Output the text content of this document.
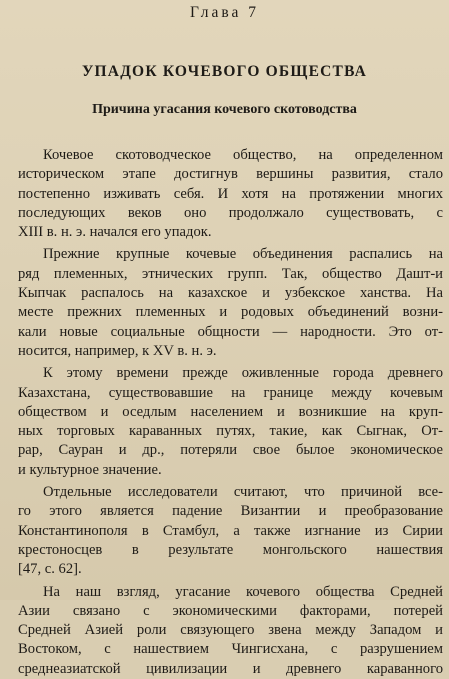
Глава 7
УПАДОК КОЧЕВОГО ОБЩЕСТВА
Причина угасания кочевого скотоводства
Кочевое скотоводческое общество, на определенном
историческом этапе достигнув вершины развития, стало
постепенно изживать себя. И хотя на протяжении многих
последующих веков оно продолжало существовать, с
XIII в. н. э. начался его упадок.
Прежние крупные кочевые объединения распались на
ряд племенных, этнических групп. Так, общество Дашт-и
Кыпчак распалось на казахское и узбекское ханства. На
месте прежних племенных и родовых объединений возни-
кали новые социальные общности — народности. Это от-
носится, например, к XV в. н. э.
К этому времени прежде оживленные города древнего
Казахстана, существовавшие на границе между кочевым
обществом и оседлым населением и возникшие на круп-
ных торговых караванных путях, такие, как Сыгнак, От-
рар, Сауран и др., потеряли свое былое экономическое
и культурное значение.
Отдельные исследователи считают, что причиной все-
го этого является падение Византии и преобразование
Константинополя в Стамбул, а также изгнание из Сирии
крестоносцев в результате монгольского нашествия
[47, с. 62].
На наш взгляд, угасание кочевого общества Средней
Азии связано с экономическими факторами, потерей
Средней Азией роли связующего звена между Западом и
Востоком, с нашествием Чингисхана, с разрушением
среднеазиатской цивилизации и древнего караванного
